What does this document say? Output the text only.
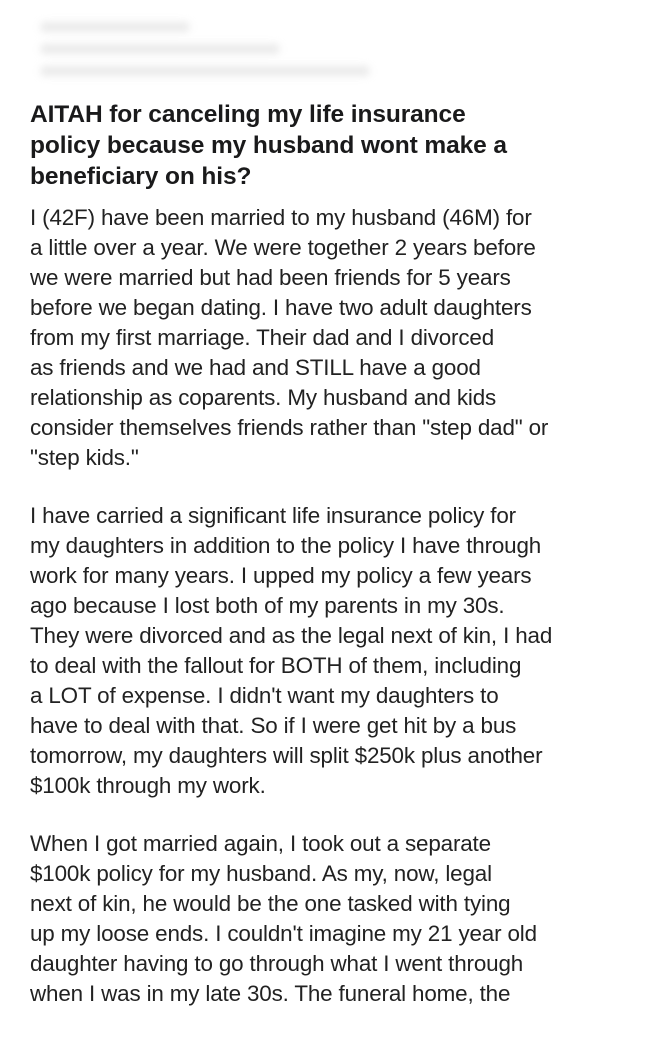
AITAH for canceling my life insurance
policy because my husband wont make a
beneficiary on his?

I (42F) have been married to my husband (46M) for
a little over a year. We were together 2 years before
we were married but had been friends for 5 years
before we began dating. I have two adult daughters
from my first marriage. Their dad and I divorced
as friends and we had and STILL have a good
relationship as coparents. My husband and kids
consider themselves friends rather than "step dad" or
"step kids."

I have carried a significant life insurance policy for
my daughters in addition to the policy I have through
work for many years. I upped my policy a few years
ago because I lost both of my parents in my 30s.
They were divorced and as the legal next of kin, I had
to deal with the fallout for BOTH of them, including
a LOT of expense. I didn't want my daughters to
have to deal with that. So if I were get hit by a bus
tomorrow, my daughters will split $250k plus another
$100k through my work.

When I got married again, I took out a separate
$100k policy for my husband. As my, now, legal
next of kin, he would be the one tasked with tying
up my loose ends. I couldn't imagine my 21 year old
daughter having to go through what I went through
when I was in my late 30s. The funeral home, the
